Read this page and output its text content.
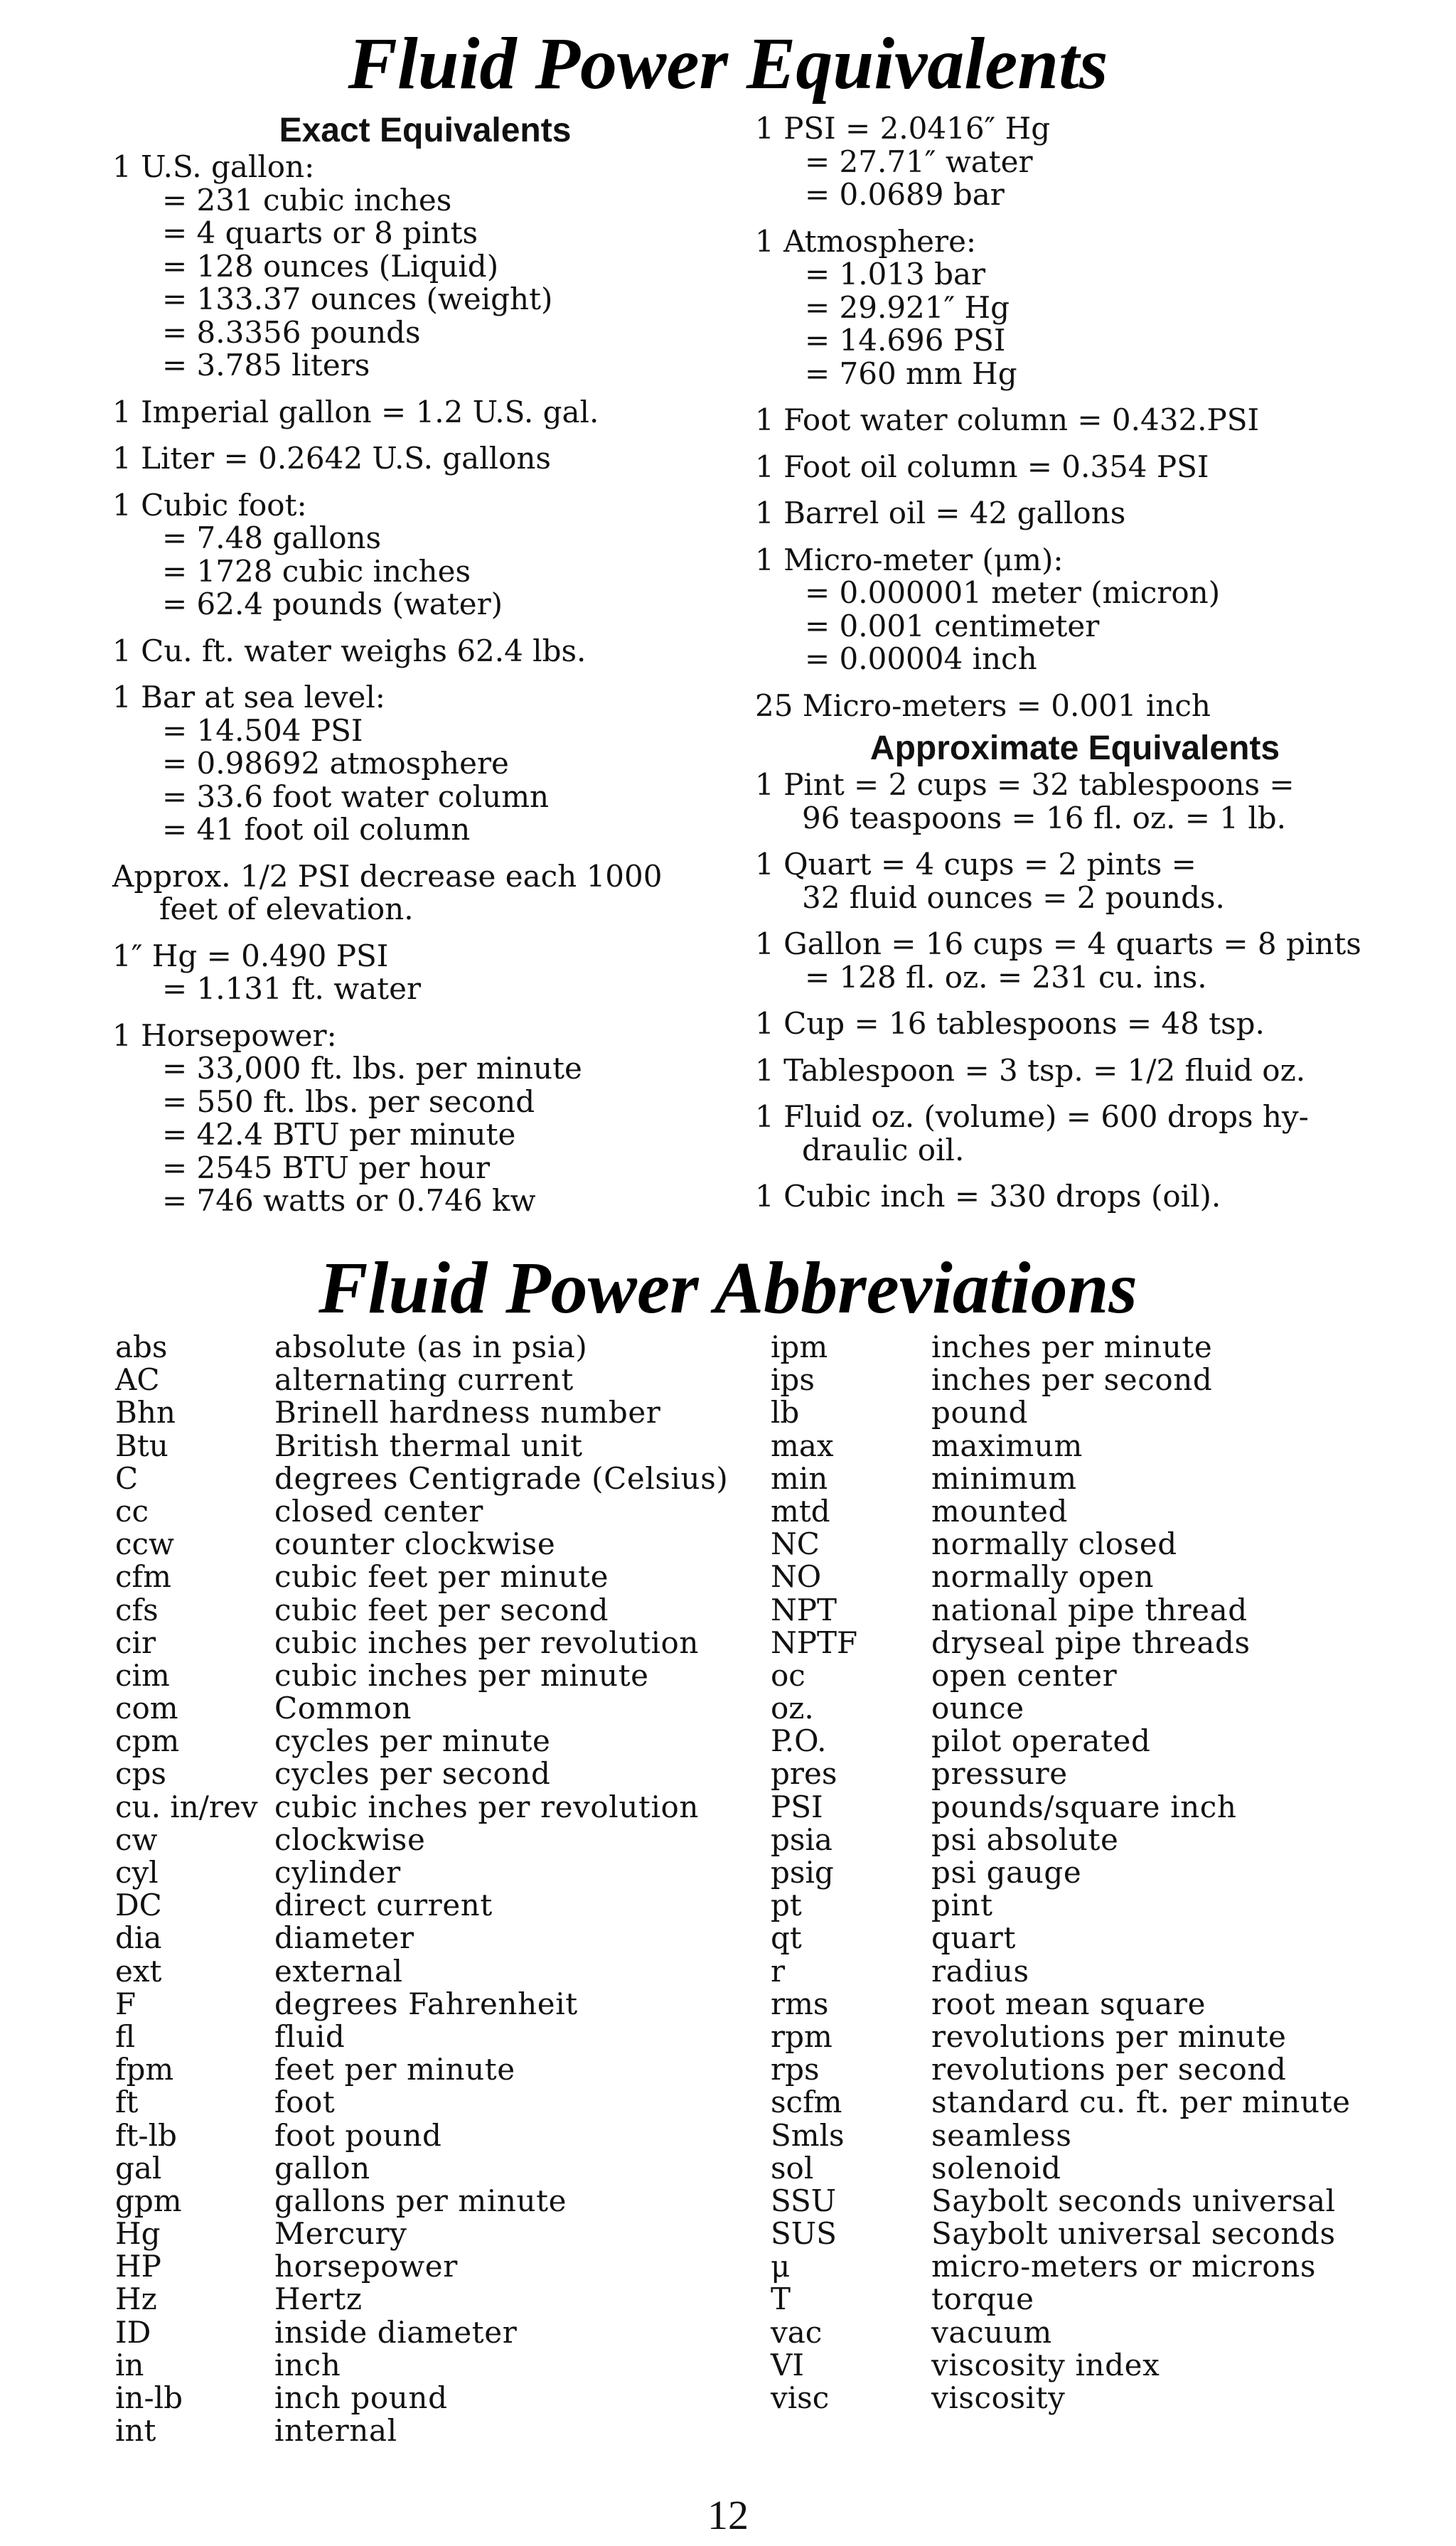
Fluid Power Equivalents
Exact Equivalents
1 U.S. gallon:
= 231 cubic inches
= 4 quarts or 8 pints
= 128 ounces (Liquid)
= 133.37 ounces (weight)
= 8.3356 pounds
= 3.785 liters
1 Imperial gallon = 1.2 U.S. gal.
1 Liter = 0.2642 U.S. gallons
1 Cubic foot:
= 7.48 gallons
= 1728 cubic inches
= 62.4 pounds (water)
1 Cu. ft. water weighs 62.4 lbs.
1 Bar at sea level:
= 14.504 PSI
= 0.98692 atmosphere
= 33.6 foot water column
= 41 foot oil column
Approx. 1/2 PSI decrease each 1000
feet of elevation.
1″ Hg = 0.490 PSI
= 1.131 ft. water
1 Horsepower:
= 33,000 ft. lbs. per minute
= 550 ft. lbs. per second
= 42.4 BTU per minute
= 2545 BTU per hour
= 746 watts or 0.746 kw
1 PSI = 2.0416″ Hg
= 27.71″ water
= 0.0689 bar
1 Atmosphere:
= 1.013 bar
= 29.921″ Hg
= 14.696 PSI
= 760 mm Hg
1 Foot water column = 0.432.PSI
1 Foot oil column = 0.354 PSI
1 Barrel oil = 42 gallons
1 Micro-meter (μm):
= 0.000001 meter (micron)
= 0.001 centimeter
= 0.00004 inch
25 Micro-meters = 0.001 inch
Approximate Equivalents
1 Pint = 2 cups = 32 tablespoons =
96 teaspoons = 16 fl. oz. = 1 lb.
1 Quart = 4 cups = 2 pints =
32 fluid ounces = 2 pounds.
1 Gallon = 16 cups = 4 quarts = 8 pints
= 128 fl. oz. = 231 cu. ins.
1 Cup = 16 tablespoons = 48 tsp.
1 Tablespoon = 3 tsp. = 1/2 fluid oz.
1 Fluid oz. (volume) = 600 drops hy-
draulic oil.
1 Cubic inch = 330 drops (oil).
Fluid Power Abbreviations
abs	absolute (as in psia)
AC	alternating current
Bhn	Brinell hardness number
Btu	British thermal unit
C	degrees Centigrade (Celsius)
cc	closed center
ccw	counter clockwise
cfm	cubic feet per minute
cfs	cubic feet per second
cir	cubic inches per revolution
cim	cubic inches per minute
com	Common
cpm	cycles per minute
cps	cycles per second
cu. in/rev cubic inches per revolution
cw	clockwise
cyl	cylinder
DC	direct current
dia	diameter
ext	external
F	degrees Fahrenheit
fl	fluid
fpm	feet per minute
ft	foot
ft-lb	foot pound
gal	gallon
gpm	gallons per minute
Hg	Mercury
HP	horsepower
Hz	Hertz
ID	inside diameter
in	inch
in-lb	inch pound
int	internal
ipm	inches per minute
ips	inches per second
lb	pound
max	maximum
min	minimum
mtd	mounted
NC	normally closed
NO	normally open
NPT	national pipe thread
NPTF	dryseal pipe threads
oc	open center
oz.	ounce
P.O.	pilot operated
pres	pressure
PSI	pounds/square inch
psia	psi absolute
psig	psi gauge
pt	pint
qt	quart
r	radius
rms	root mean square
rpm	revolutions per minute
rps	revolutions per second
scfm	standard cu. ft. per minute
Smls	seamless
sol	solenoid
SSU	Saybolt seconds universal
SUS	Saybolt universal seconds
μ	micro-meters or microns
T	torque
vac	vacuum
VI	viscosity index
visc	viscosity
12
